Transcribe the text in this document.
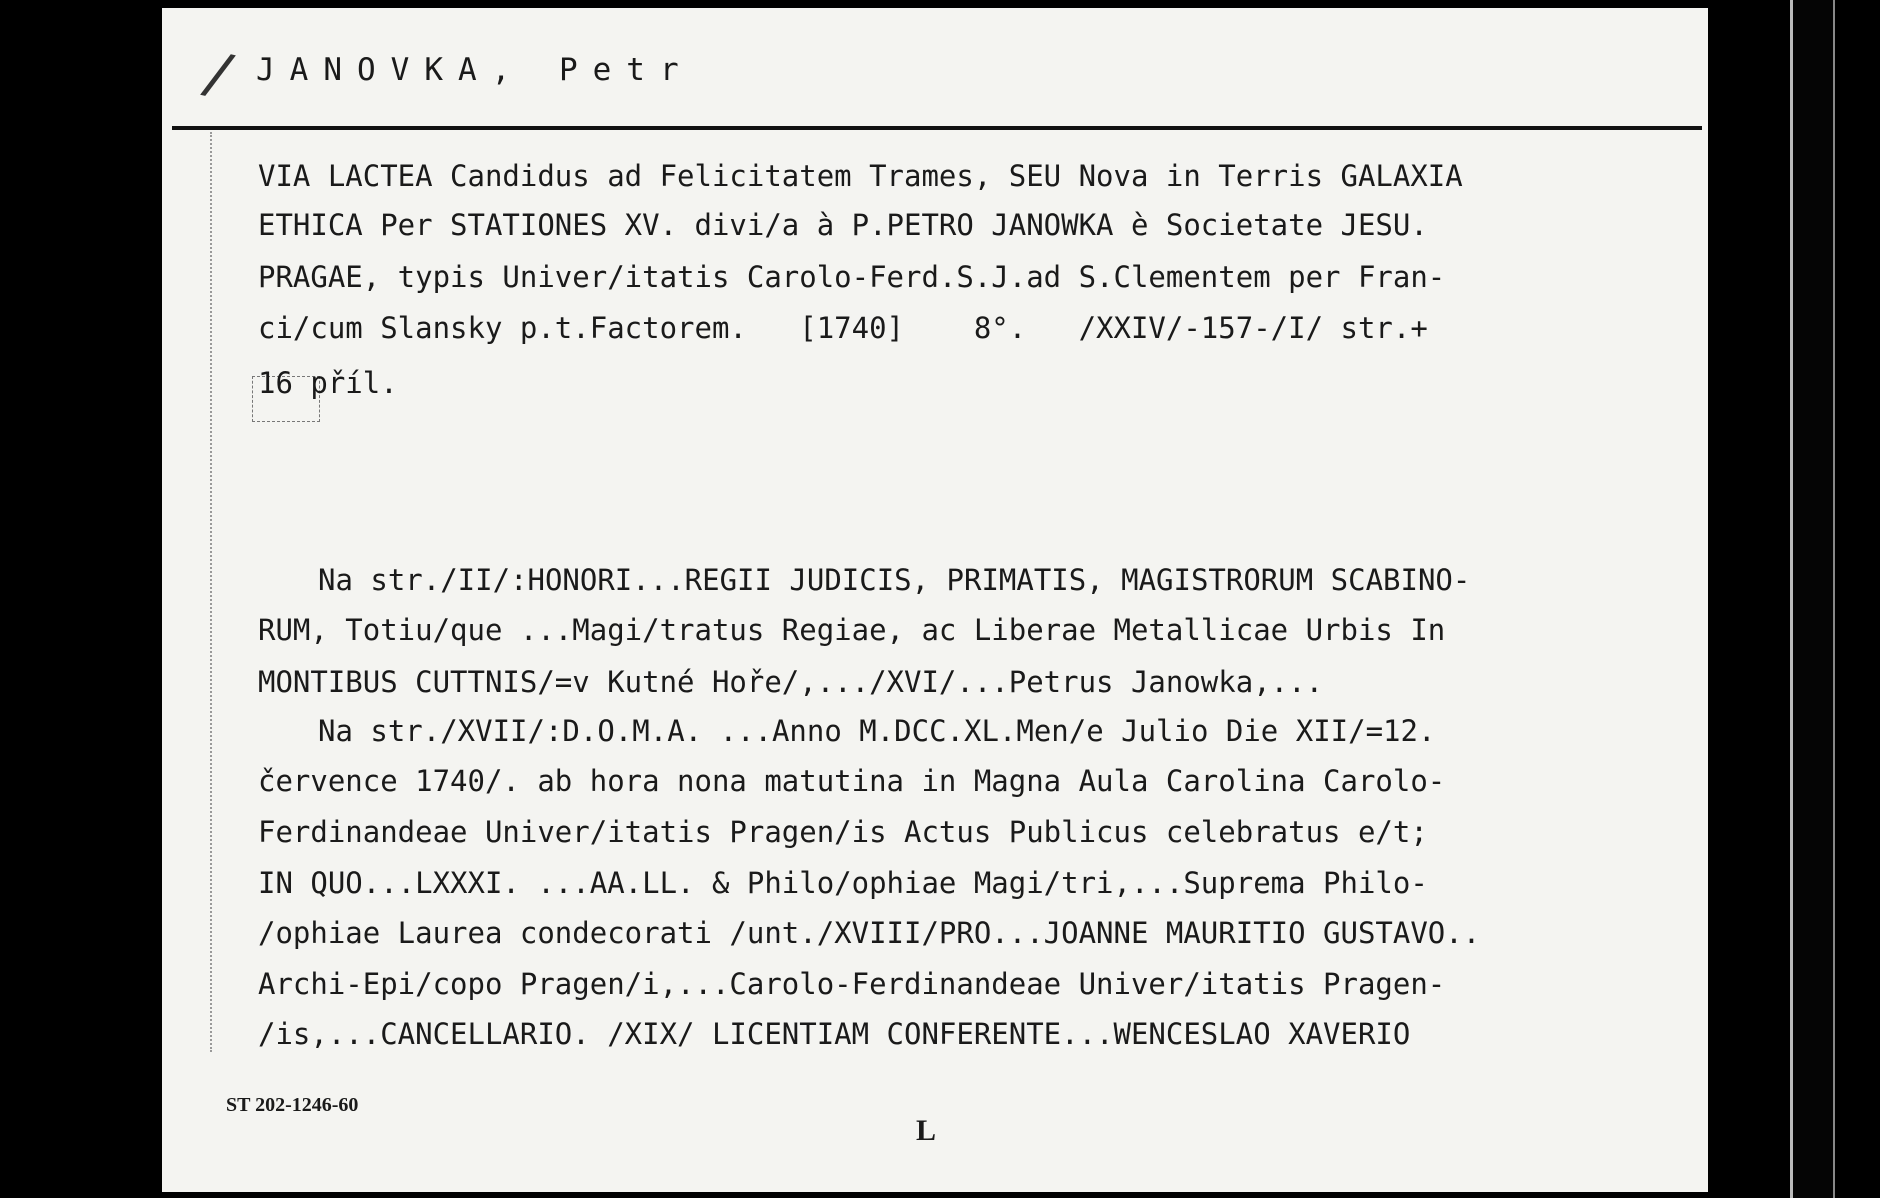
/ JANOVKA, Petr
VIA LACTEA Candidus ad Felicitatem Trames, SEU Nova in Terris GALAXIA
ETHICA Per STATIONES XV. divi/a à P.PETRO JANOWKA è Societate JESU.
PRAGAE, typis Univer/itatis Carolo-Ferd.S.J.ad S.Clementem per Fran-
ci/cum Slansky p.t.Factorem.   [1740]    8°.   /XXIV/-157-/I/ str.+
16 příl.
Na str./II/:HONORI...REGII JUDICIS, PRIMATIS, MAGISTRORUM SCABINO-
RUM, Totiu/que ...Magi/tratus Regiae, ac Liberae Metallicae Urbis In
MONTIBUS CUTTNIS/=v Kutné Hoře/,.../XVI/...Petrus Janowka,...
Na str./XVII/:D.O.M.A. ...Anno M.DCC.XL.Men/e Julio Die XII/=12.
července 1740/. ab hora nona matutina in Magna Aula Carolina Carolo-
Ferdinandeae Univer/itatis Pragen/is Actus Publicus celebratus e/t;
IN QUO...LXXXI. ...AA.LL. & Philo/ophiae Magi/tri,...Suprema Philo-
/ophiae Laurea condecorati /unt./XVIII/PRO...JOANNE MAURITIO GUSTAVO..
Archi-Epi/copo Pragen/i,...Carolo-Ferdinandeae Univer/itatis Pragen-
/is,...CANCELLARIO. /XIX/ LICENTIAM CONFERENTE...WENCESLAO XAVERIO
ST 202-1246-60
L
